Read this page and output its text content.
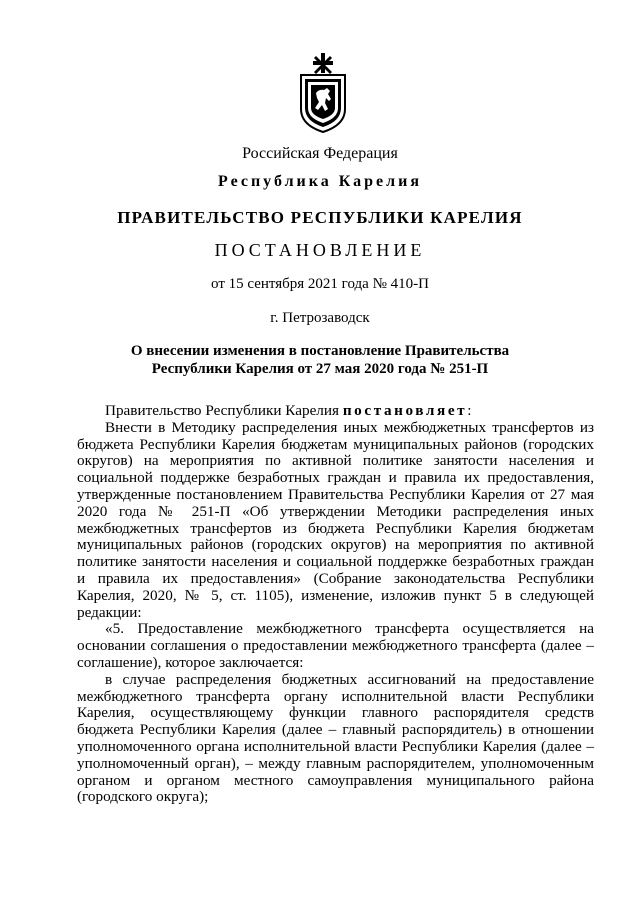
Российская Федерация
Республика Карелия
ПРАВИТЕЛЬСТВО РЕСПУБЛИКИ КАРЕЛИЯ
ПОСТАНОВЛЕНИЕ
от 15 сентября 2021 года № 410-П
г. Петрозаводск
О внесении изменения в постановление Правительства
Республики Карелия от 27 мая 2020 года № 251-П

Правительство Республики Карелия постановляет:

Внести в Методику распределения иных межбюджетных трансфертов из бюджета Республики Карелия бюджетам муниципальных районов (городских округов) на мероприятия по активной политике занятости населения и социальной поддержке безработных граждан и правила их предоставления, утвержденные постановлением Правительства Республики Карелия от 27 мая 2020 года № 251-П «Об утверждении Методики распределения иных межбюджетных трансфертов из бюджета Республики Карелия бюджетам муниципальных районов (городских округов) на мероприятия по активной политике занятости населения и социальной поддержке безработных граждан и правила их предоставления» (Собрание законодательства Республики Карелия, 2020, № 5, ст. 1105), изменение, изложив пункт 5 в следующей редакции:

«5. Предоставление межбюджетного трансферта осуществляется на основании соглашения о предоставлении межбюджетного трансферта (далее – соглашение), которое заключается:

в случае распределения бюджетных ассигнований на предоставление межбюджетного трансферта органу исполнительной власти Республики Карелия, осуществляющему функции главного распорядителя средств бюджета Республики Карелия (далее – главный распорядитель) в отношении уполномоченного органа исполнительной власти Республики Карелия (далее – уполномоченный орган), – между главным распорядителем, уполномоченным органом и органом местного самоуправления муниципального района (городского округа);
